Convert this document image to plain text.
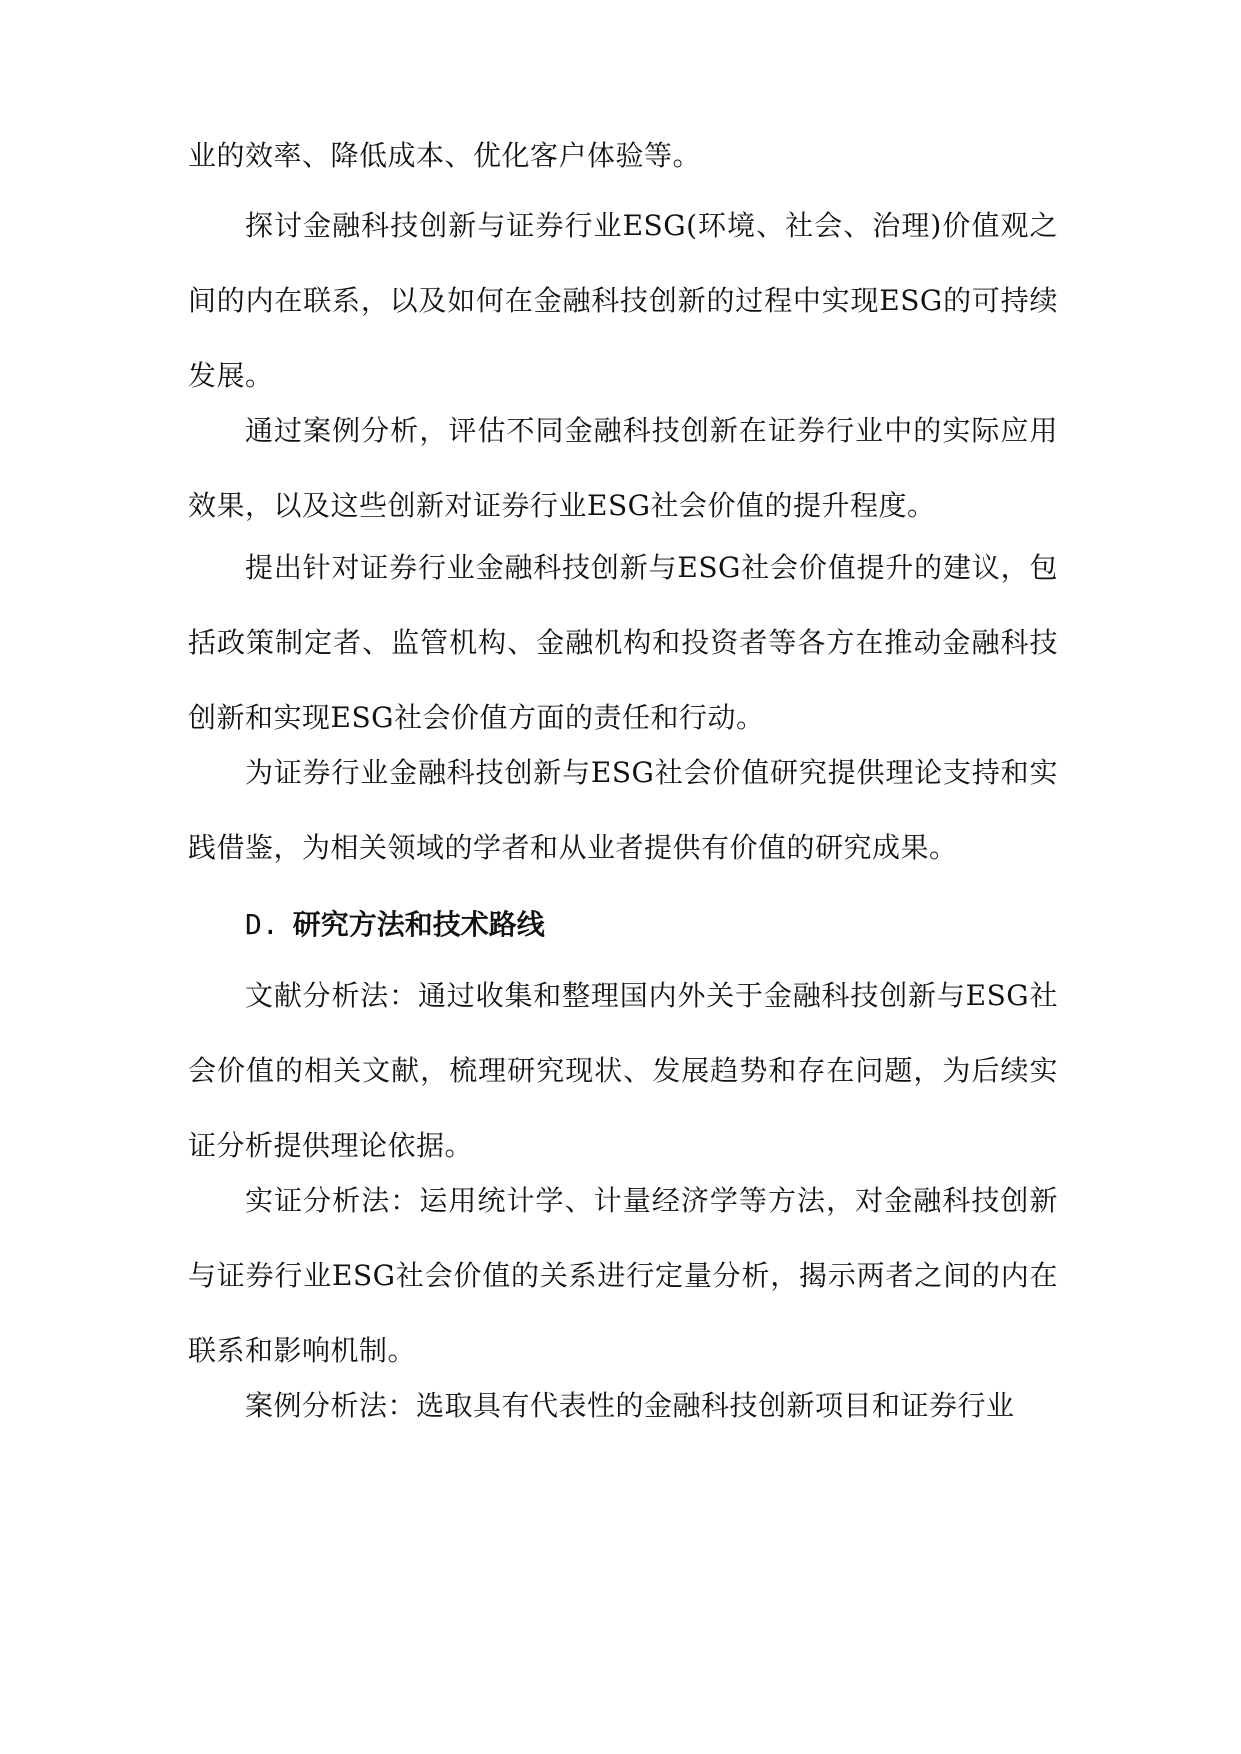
业的效率、降低成本、优化客户体验等。

探讨金融科技创新与证券行业ESG(环境、社会、治理)价值观之间的内在联系，以及如何在金融科技创新的过程中实现ESG的可持续发展。

通过案例分析，评估不同金融科技创新在证券行业中的实际应用效果，以及这些创新对证券行业ESG社会价值的提升程度。

提出针对证券行业金融科技创新与ESG社会价值提升的建议，包括政策制定者、监管机构、金融机构和投资者等各方在推动金融科技创新和实现ESG社会价值方面的责任和行动。

为证券行业金融科技创新与ESG社会价值研究提供理论支持和实践借鉴，为相关领域的学者和从业者提供有价值的研究成果。

D. 研究方法和技术路线

文献分析法：通过收集和整理国内外关于金融科技创新与ESG社会价值的相关文献，梳理研究现状、发展趋势和存在问题，为后续实证分析提供理论依据。

实证分析法：运用统计学、计量经济学等方法，对金融科技创新与证券行业ESG社会价值的关系进行定量分析，揭示两者之间的内在联系和影响机制。

案例分析法：选取具有代表性的金融科技创新项目和证券行业
